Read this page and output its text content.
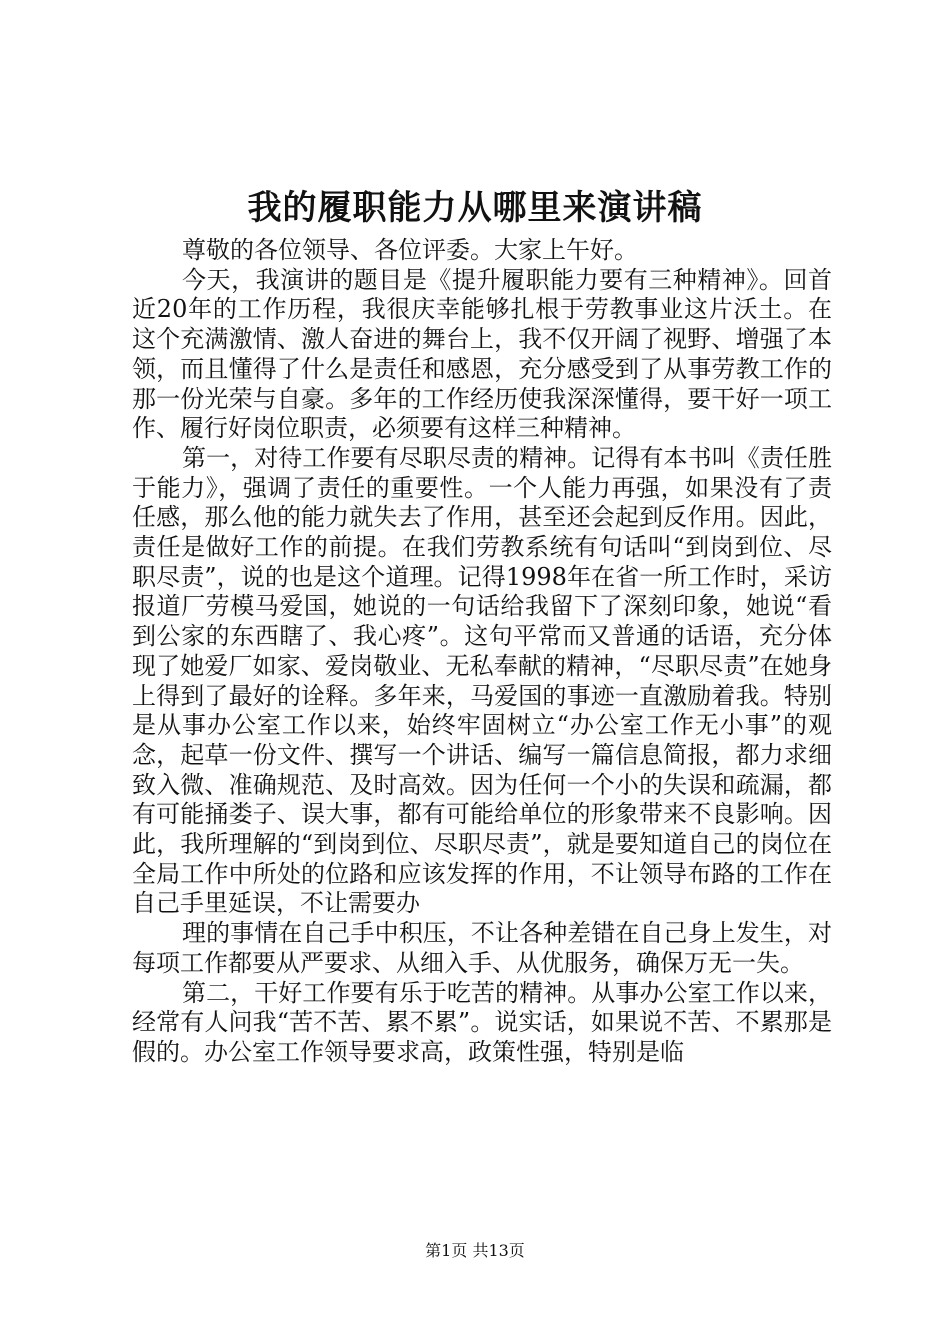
我的履职能力从哪里来演讲稿

尊敬的各位领导、各位评委。大家上午好。

今天，我演讲的题目是《提升履职能力要有三种精神》。回首近20年的工作历程，我很庆幸能够扎根于劳教事业这片沃土。在这个充满激情、激人奋进的舞台上，我不仅开阔了视野、增强了本领，而且懂得了什么是责任和感恩，充分感受到了从事劳教工作的那一份光荣与自豪。多年的工作经历使我深深懂得，要干好一项工作、履行好岗位职责，必须要有这样三种精神。

第一，对待工作要有尽职尽责的精神。记得有本书叫《责任胜于能力》，强调了责任的重要性。一个人能力再强，如果没有了责任感，那么他的能力就失去了作用，甚至还会起到反作用。因此，责任是做好工作的前提。在我们劳教系统有句话叫“到岗到位、尽职尽责”，说的也是这个道理。记得1998年在省一所工作时，采访报道厂劳模马爱国，她说的一句话给我留下了深刻印象，她说“看到公家的东西瞎了、我心疼”。这句平常而又普通的话语，充分体现了她爱厂如家、爱岗敬业、无私奉献的精神，“尽职尽责”在她身上得到了最好的诠释。多年来，马爱国的事迹一直激励着我。特别是从事办公室工作以来，始终牢固树立“办公室工作无小事”的观念，起草一份文件、撰写一个讲话、编写一篇信息简报，都力求细致入微、准确规范、及时高效。因为任何一个小的失误和疏漏，都有可能捅娄子、误大事，都有可能给单位的形象带来不良影响。因此，我所理解的“到岗到位、尽职尽责”，就是要知道自己的岗位在全局工作中所处的位路和应该发挥的作用，不让领导布路的工作在自己手里延误，不让需要办

理的事情在自己手中积压，不让各种差错在自己身上发生，对每项工作都要从严要求、从细入手、从优服务，确保万无一失。

第二，干好工作要有乐于吃苦的精神。从事办公室工作以来，经常有人问我“苦不苦、累不累”。说实话，如果说不苦、不累那是假的。办公室工作领导要求高，政策性强，特别是临

第1页 共13页
